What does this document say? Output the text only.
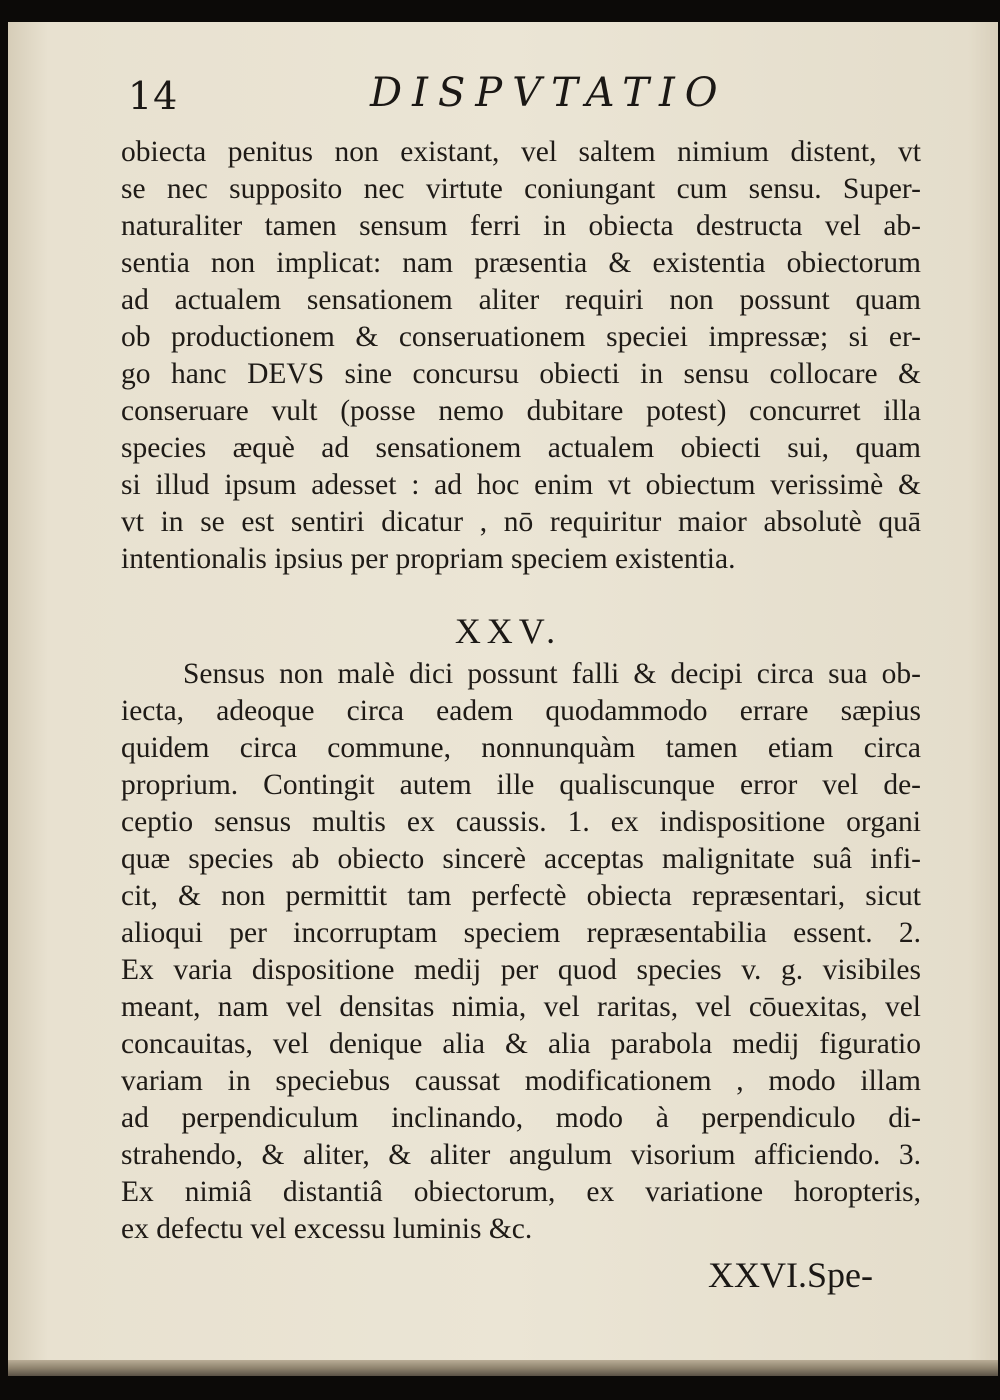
14	DISPVTATIO
obiecta penitus non existant, vel saltem nimium distent, vt
se nec supposito nec virtute coniungant cum sensu. Super-
naturaliter tamen sensum ferri in obiecta destructa vel ab-
sentia non implicat: nam præsentia & existentia obiectorum
ad actualem sensationem aliter requiri non possunt quam
ob productionem & conseruationem speciei impressæ; si er-
go hanc DEVS sine concursu obiecti in sensu collocare &
conseruare vult (posse nemo dubitare potest) concurret illa
species æquè ad sensationem actualem obiecti sui, quam
si illud ipsum adesset : ad hoc enim vt obiectum verissimè &
vt in se est sentiri dicatur , nō requiritur maior absolutè quā
intentionalis ipsius per propriam speciem existentia.
XXV.
Sensus non malè dici possunt falli & decipi circa sua ob-
iecta, adeoque circa eadem quodammodo errare sæpius
quidem circa commune, nonnunquàm tamen etiam circa
proprium. Contingit autem ille qualiscunque error vel de-
ceptio sensus multis ex caussis. 1. ex indispositione organi
quæ species ab obiecto sincerè acceptas malignitate suâ infi-
cit, & non permittit tam perfectè obiecta repræsentari, sicut
alioqui per incorruptam speciem repræsentabilia essent. 2.
Ex varia dispositione medij per quod species v. g. visibiles
meant, nam vel densitas nimia, vel raritas, vel cōuexitas, vel
concauitas, vel denique alia & alia parabola medij figuratio
variam in speciebus caussat modificationem , modo illam
ad perpendiculum inclinando, modo à perpendiculo di-
strahendo, & aliter, & aliter angulum visorium afficiendo. 3.
Ex nimiâ distantiâ obiectorum, ex variatione horopteris,
ex defectu vel excessu luminis &c.
XXVI.Spe-
